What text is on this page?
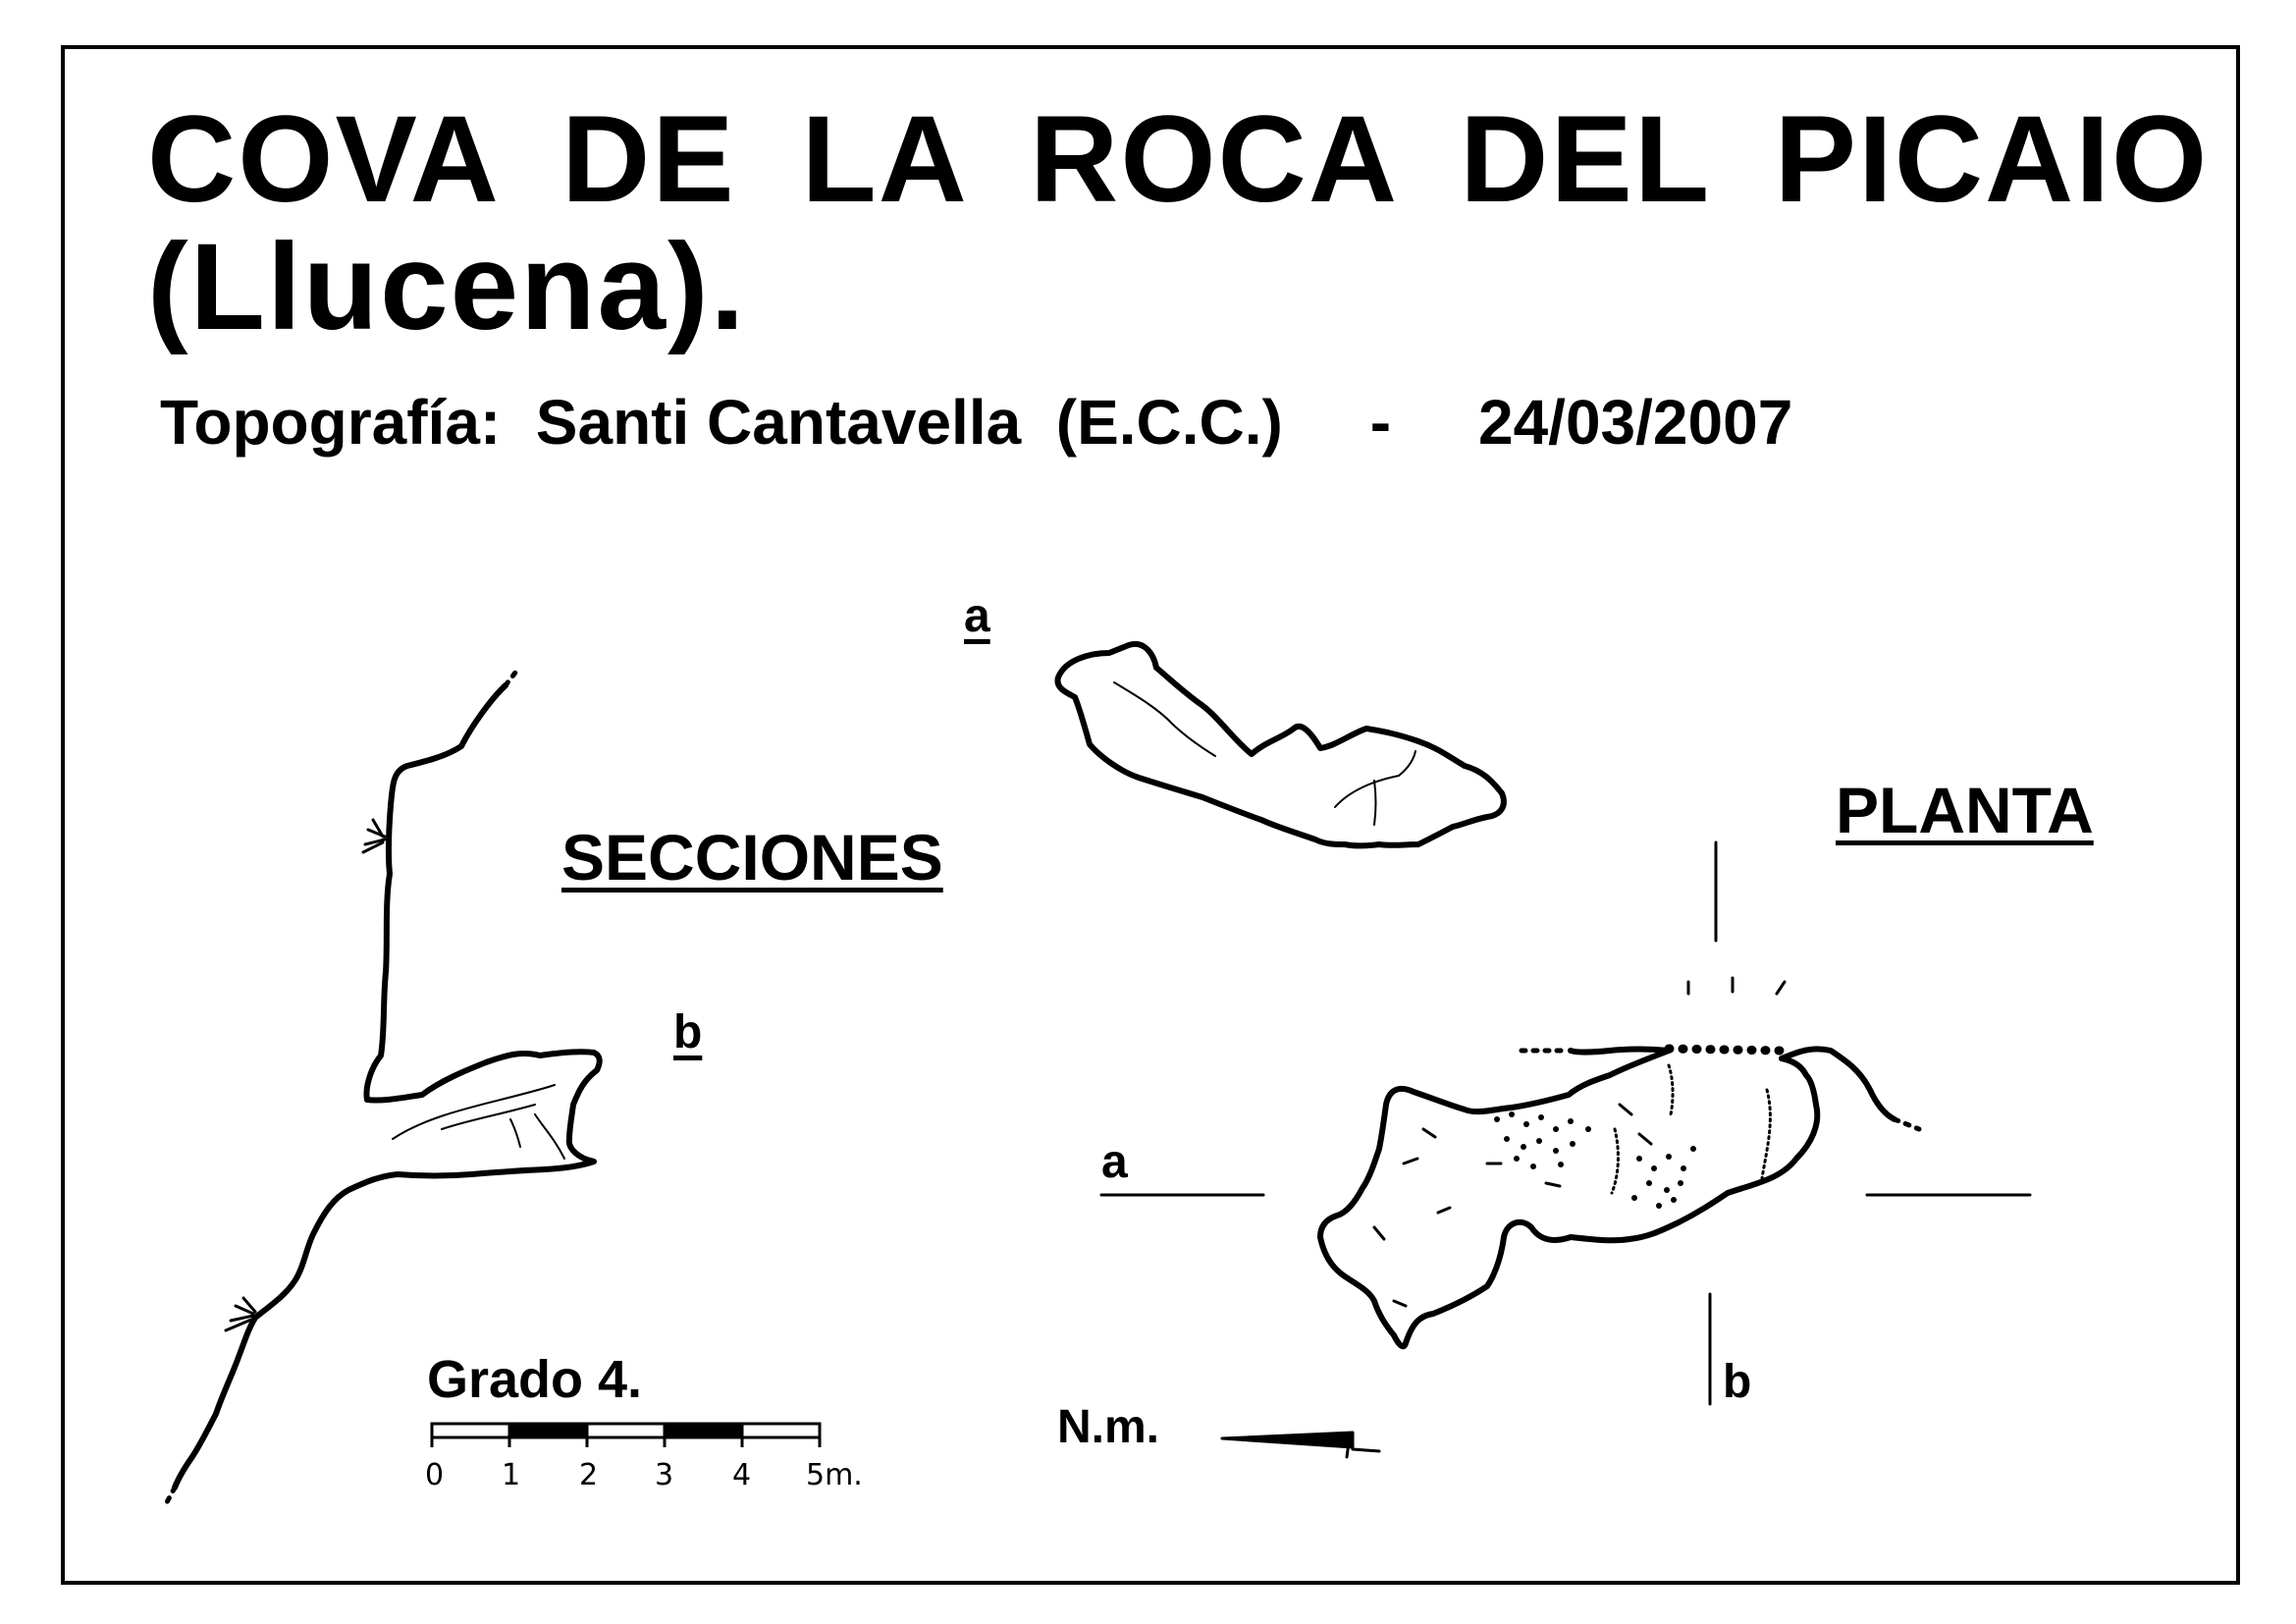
COVA DE LA ROCA DEL PICAIO
(Llucena).
Topografía:  Santi Cantavella  (E.C.C.)     -     24/03/2007
SECCIONES
PLANTA
a
b
a
b
Grado 4.
N.m.
0 1 2 3 4 5m.
